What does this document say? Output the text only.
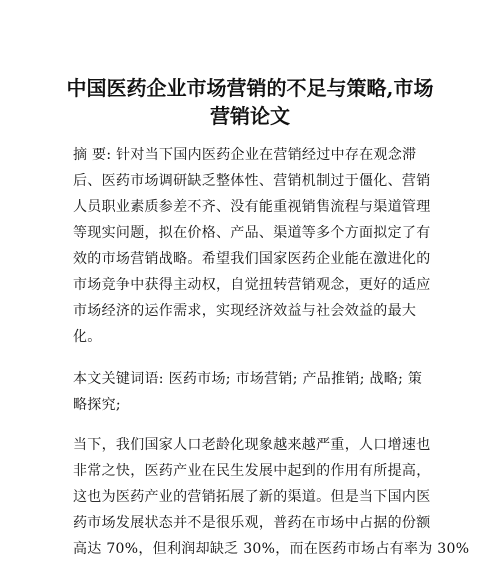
中国医药企业市场营销的不足与策略,市场
营销论文
摘 要: 针对当下国内医药企业在营销经过中存在观念滞
后、医药市场调研缺乏整体性、营销机制过于僵化、营销
人员职业素质参差不齐、没有能重视销售流程与渠道管理
等现实问题，拟在价格、产品、渠道等多个方面拟定了有
效的市场营销战略。希望我们国家医药企业能在激进化的
市场竞争中获得主动权，自觉扭转营销观念，更好的适应
市场经济的运作需求，实现经济效益与社会效益的最大
化。
本文关键词语: 医药市场; 市场营销; 产品推销; 战略; 策
略探究;
当下，我们国家人口老龄化现象越来越严重，人口增速也
非常之快，医药产业在民生发展中起到的作用有所提高，
这也为医药产业的营销拓展了新的渠道。但是当下国内医
药市场发展状态并不是很乐观，普药在市场中占据的份额
高达 70%，但利润却缺乏 30%，而在医药市场占有率为 30%
